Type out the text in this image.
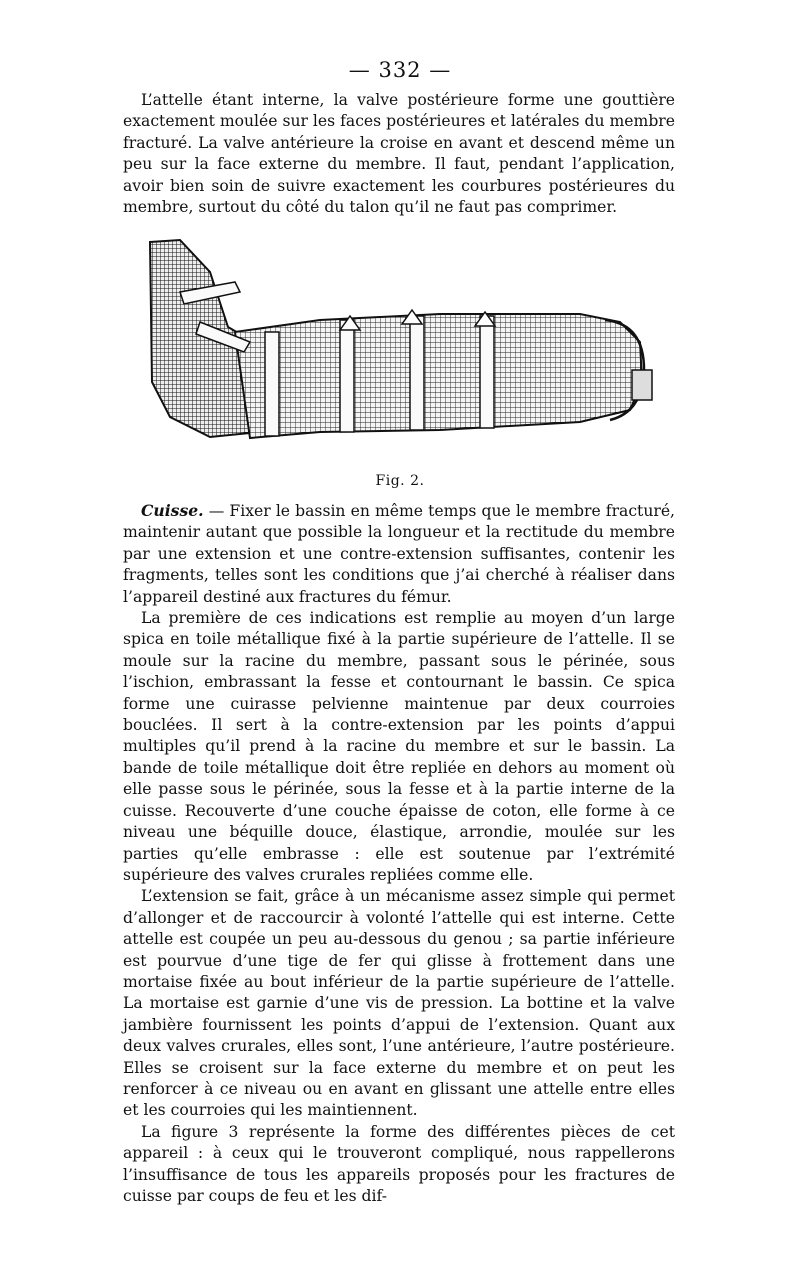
— 332 —

L’attelle étant interne, la valve postérieure forme une gouttière exactement moulée sur les faces postérieures et latérales du membre fracturé. La valve antérieure la croise en avant et descend même un peu sur la face externe du membre. Il faut, pendant l’application, avoir bien soin de suivre exactement les courbures postérieures du membre, surtout du côté du talon qu’il ne faut pas comprimer.

Fig. 2.

Cuisse. — Fixer le bassin en même temps que le membre fracturé, maintenir autant que possible la longueur et la rectitude du membre par une extension et une contre-extension suffisantes, contenir les fragments, telles sont les conditions que j’ai cherché à réaliser dans l’appareil destiné aux fractures du fémur.

La première de ces indications est remplie au moyen d’un large spica en toile métallique fixé à la partie supérieure de l’attelle. Il se moule sur la racine du membre, passant sous le périnée, sous l’ischion, embrassant la fesse et contournant le bassin. Ce spica forme une cuirasse pelvienne maintenue par deux courroies bouclées. Il sert à la contre-extension par les points d’appui multiples qu’il prend à la racine du membre et sur le bassin. La bande de toile métallique doit être repliée en dehors au moment où elle passe sous le périnée, sous la fesse et à la partie interne de la cuisse. Recouverte d’une couche épaisse de coton, elle forme à ce niveau une béquille douce, élastique, arrondie, moulée sur les parties qu’elle embrasse : elle est soutenue par l’extrémité supérieure des valves crurales repliées comme elle.

L’extension se fait, grâce à un mécanisme assez simple qui permet d’allonger et de raccourcir à volonté l’attelle qui est interne. Cette attelle est coupée un peu au-dessous du genou ; sa partie inférieure est pourvue d’une tige de fer qui glisse à frottement dans une mortaise fixée au bout inférieur de la partie supérieure de l’attelle. La mortaise est garnie d’une vis de pression. La bottine et la valve jambière fournissent les points d’appui de l’extension. Quant aux deux valves crurales, elles sont, l’une antérieure, l’autre postérieure. Elles se croisent sur la face externe du membre et on peut les renforcer à ce niveau ou en avant en glissant une attelle entre elles et les courroies qui les maintiennent.

La figure 3 représente la forme des différentes pièces de cet appareil : à ceux qui le trouveront compliqué, nous rappellerons l’insuffisance de tous les appareils proposés pour les fractures de cuisse par coups de feu et les dif-
